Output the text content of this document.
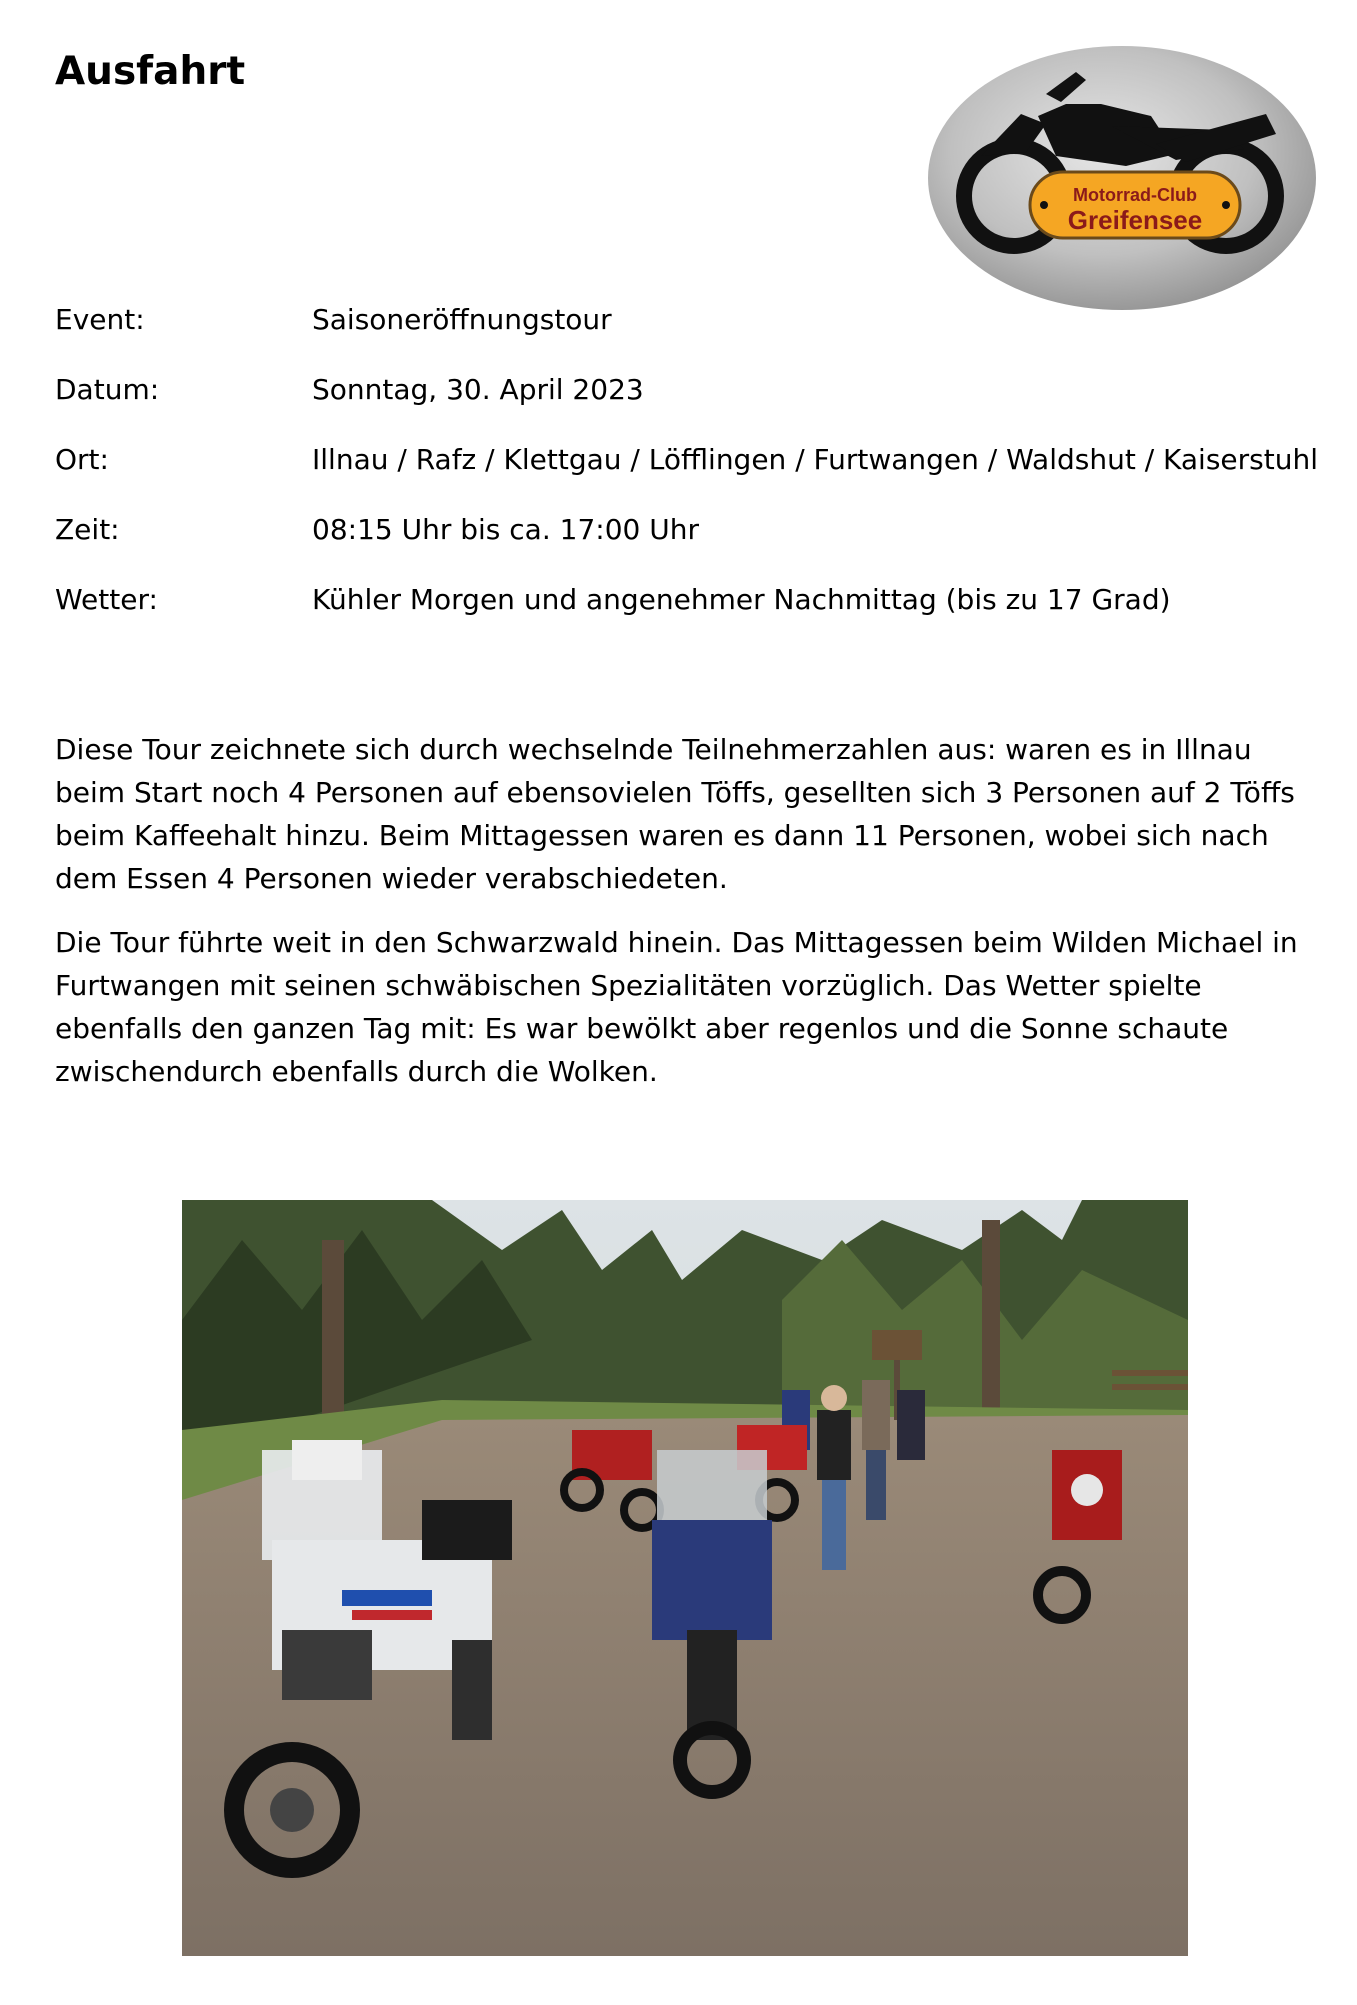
Ausfahrt
Motorrad-Club
Greifensee
Event:	Saisoneröffnungstour
Datum:	Sonntag, 30. April 2023
Ort:	Illnau / Rafz / Klettgau / Löfflingen / Furtwangen / Waldshut / Kaiserstuhl
Zeit:	08:15 Uhr bis ca. 17:00 Uhr
Wetter:	Kühler Morgen und angenehmer Nachmittag (bis zu 17 Grad)

Diese Tour zeichnete sich durch wechselnde Teilnehmerzahlen aus: waren es in Illnau beim Start noch 4 Personen auf ebensovielen Töffs, gesellten sich 3 Personen auf 2 Töffs beim Kaffeehalt hinzu. Beim Mittagessen waren es dann 11 Personen, wobei sich nach dem Essen 4 Personen wieder verabschiedeten.

Die Tour führte weit in den Schwarzwald hinein. Das Mittagessen beim Wilden Michael in Furtwangen mit seinen schwäbischen Spezialitäten vorzüglich. Das Wetter spielte ebenfalls den ganzen Tag mit: Es war bewölkt aber regenlos und die Sonne schaute zwischendurch ebenfalls durch die Wolken.
